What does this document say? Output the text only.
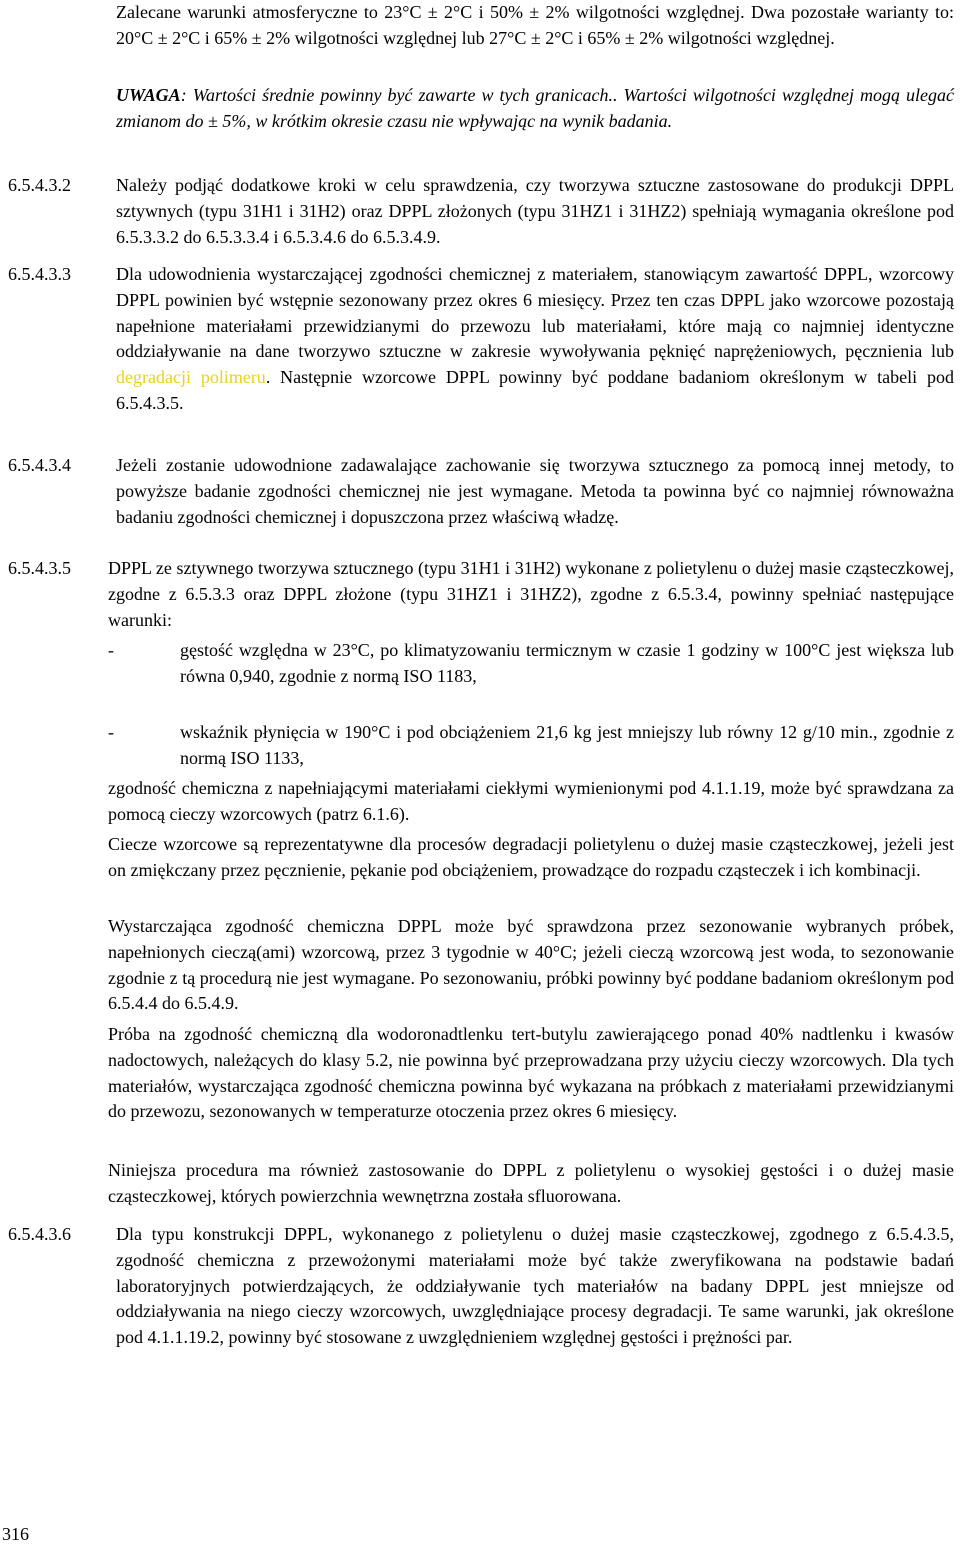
Zalecane warunki atmosferyczne to 23°C ± 2°C i 50% ± 2% wilgotności względnej. Dwa pozostałe warianty to: 20°C ± 2°C i 65% ± 2% wilgotności względnej lub 27°C ± 2°C i 65% ± 2% wilgotności względnej.
UWAGA: Wartości średnie powinny być zawarte w tych granicach.. Wartości wilgotności względnej mogą ulegać zmianom do ± 5%, w krótkim okresie czasu nie wpływając na wynik badania.
6.5.4.3.2	Należy podjąć dodatkowe kroki w celu sprawdzenia, czy tworzywa sztuczne zastosowane do produkcji DPPL sztywnych (typu 31H1 i 31H2) oraz DPPL złożonych (typu 31HZ1 i 31HZ2) spełniają wymagania określone pod 6.5.3.3.2 do 6.5.3.3.4 i 6.5.3.4.6 do 6.5.3.4.9.
6.5.4.3.3	Dla udowodnienia wystarczającej zgodności chemicznej z materiałem, stanowiącym zawartość DPPL, wzorcowy DPPL powinien być wstępnie sezonowany przez okres 6 miesięcy. Przez ten czas DPPL jako wzorcowe pozostają napełnione materiałami przewidzianymi do przewozu lub materiałami, które mają co najmniej identyczne oddziaływanie na dane tworzywo sztuczne w zakresie wywoływania pęknięć naprężeniowych, pęcznienia lub degradacji polimeru. Następnie wzorcowe DPPL powinny być poddane badaniom określonym w tabeli pod 6.5.4.3.5.
6.5.4.3.4	Jeżeli zostanie udowodnione zadawalające zachowanie się tworzywa sztucznego za pomocą innej metody, to powyższe badanie zgodności chemicznej nie jest wymagane. Metoda ta powinna być co najmniej równoważna badaniu zgodności chemicznej i dopuszczona przez właściwą władzę.
6.5.4.3.5 DPPL ze sztywnego tworzywa sztucznego (typu 31H1 i 31H2) wykonane z polietylenu o dużej masie cząsteczkowej, zgodne z 6.5.3.3 oraz DPPL złożone (typu 31HZ1 i 31HZ2), zgodne z 6.5.3.4, powinny spełniać następujące warunki:
-	gęstość względna w 23°C, po klimatyzowaniu termicznym w czasie 1 godziny w 100°C jest większa lub równa 0,940, zgodnie z normą ISO 1183,
-	wskaźnik płynięcia w 190°C i pod obciążeniem 21,6 kg jest mniejszy lub równy 12 g/10 min., zgodnie z normą ISO 1133,
zgodność chemiczna z napełniającymi materiałami ciekłymi wymienionymi pod 4.1.1.19, może być sprawdzana za pomocą cieczy wzorcowych (patrz 6.1.6).
Ciecze wzorcowe są reprezentatywne dla procesów degradacji polietylenu o dużej masie cząsteczkowej, jeżeli jest on zmiękczany przez pęcznienie, pękanie pod obciążeniem, prowadzące do rozpadu cząsteczek i ich kombinacji.
Wystarczająca zgodność chemiczna DPPL może być sprawdzona przez sezonowanie wybranych próbek, napełnionych cieczą(ami) wzorcową, przez 3 tygodnie w 40°C; jeżeli cieczą wzorcową jest woda, to sezonowanie zgodnie z tą procedurą nie jest wymagane. Po sezonowaniu, próbki powinny być poddane badaniom określonym pod 6.5.4.4 do 6.5.4.9.
Próba na zgodność chemiczną dla wodoronadtlenku tert-butylu zawierającego ponad 40% nadtlenku i kwasów nadoctowych, należących do klasy 5.2, nie powinna być przeprowadzana przy użyciu cieczy wzorcowych. Dla tych materiałów, wystarczająca zgodność chemiczna powinna być wykazana na próbkach z materiałami przewidzianymi do przewozu, sezonowanych w temperaturze otoczenia przez okres 6 miesięcy.
Niniejsza procedura ma również zastosowanie do DPPL z polietylenu o wysokiej gęstości i o dużej masie cząsteczkowej, których powierzchnia wewnętrzna została sfluorowana.
6.5.4.3.6	Dla typu konstrukcji DPPL, wykonanego z polietylenu o dużej masie cząsteczkowej, zgodnego z 6.5.4.3.5, zgodność chemiczna z przewożonymi materiałami może być także zweryfikowana na podstawie badań laboratoryjnych potwierdzających, że oddziaływanie tych materiałów na badany DPPL jest mniejsze od oddziaływania na niego cieczy wzorcowych, uwzględniające procesy degradacji. Te same warunki, jak określone pod 4.1.1.19.2, powinny być stosowane z uwzględnieniem względnej gęstości i prężności par.
316
